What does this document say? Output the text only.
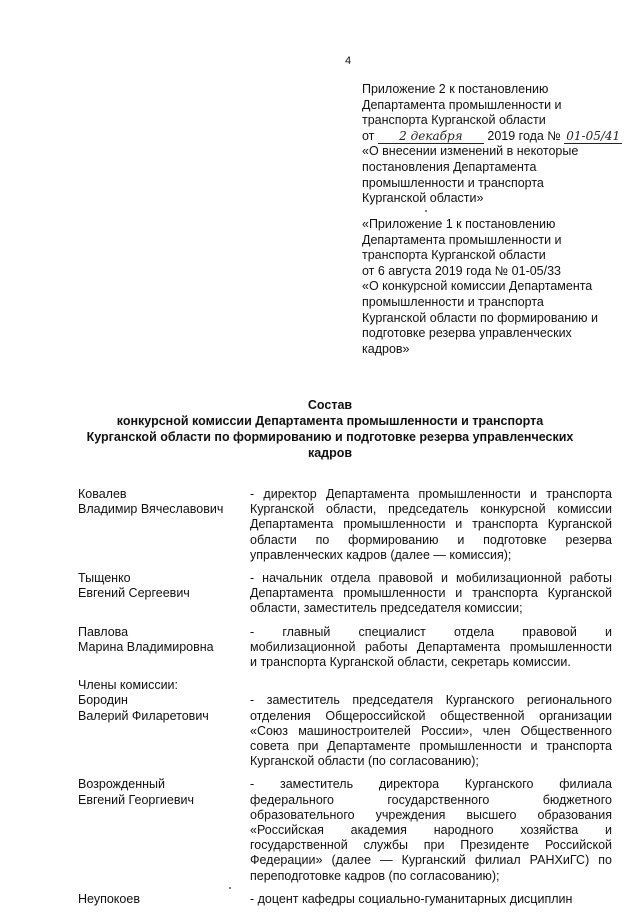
4
Приложение 2 к постановлению
Департамента промышленности и
транспорта Курганской области
от 2 декабря 2019 года № 01-05/41
«О внесении изменений в некоторые
постановления Департамента
промышленности и транспорта
Курганской области»
«Приложение 1 к постановлению
Департамента промышленности и
транспорта Курганской области
от 6 августа 2019 года № 01-05/33
«О конкурсной комиссии Департамента
промышленности и транспорта
Курганской области по формированию и
подготовке резерва управленческих
кадров»
Состав
конкурсной комиссии Департамента промышленности и транспорта
Курганской области по формированию и подготовке резерва управленческих
кадров
Ковалев
Владимир Вячеславович
- директор Департамента промышленности и транспорта
Курганской области, председатель конкурсной комиссии
Департамента промышленности и транспорта Курганской
области по формированию и подготовке резерва
управленческих кадров (далее — комиссия);
Тыщенко
Евгений Сергеевич
- начальник отдела правовой и мобилизационной работы
Департамента промышленности и транспорта Курганской
области, заместитель председателя комиссии;
Павлова
Марина Владимировна
- главный специалист отдела правовой и
мобилизационной работы Департамента промышленности
и транспорта Курганской области, секретарь комиссии.
Члены комиссии:
Бородин
Валерий Филаретович
- заместитель председателя Курганского регионального
отделения Общероссийской общественной организации
«Союз машиностроителей России», член Общественного
совета при Департаменте промышленности и транспорта
Курганской области (по согласованию);
Возрожденный
Евгений Георгиевич
- заместитель директора Курганского филиала
федерального государственного бюджетного
образовательного учреждения высшего образования
«Российская академия народного хозяйства и
государственной службы при Президенте Российской
Федерации» (далее — Курганский филиал РАНХиГС) по
переподготовке кадров (по согласованию);
Неупокоев	- доцент кафедры социально-гуманитарных дисциплин
